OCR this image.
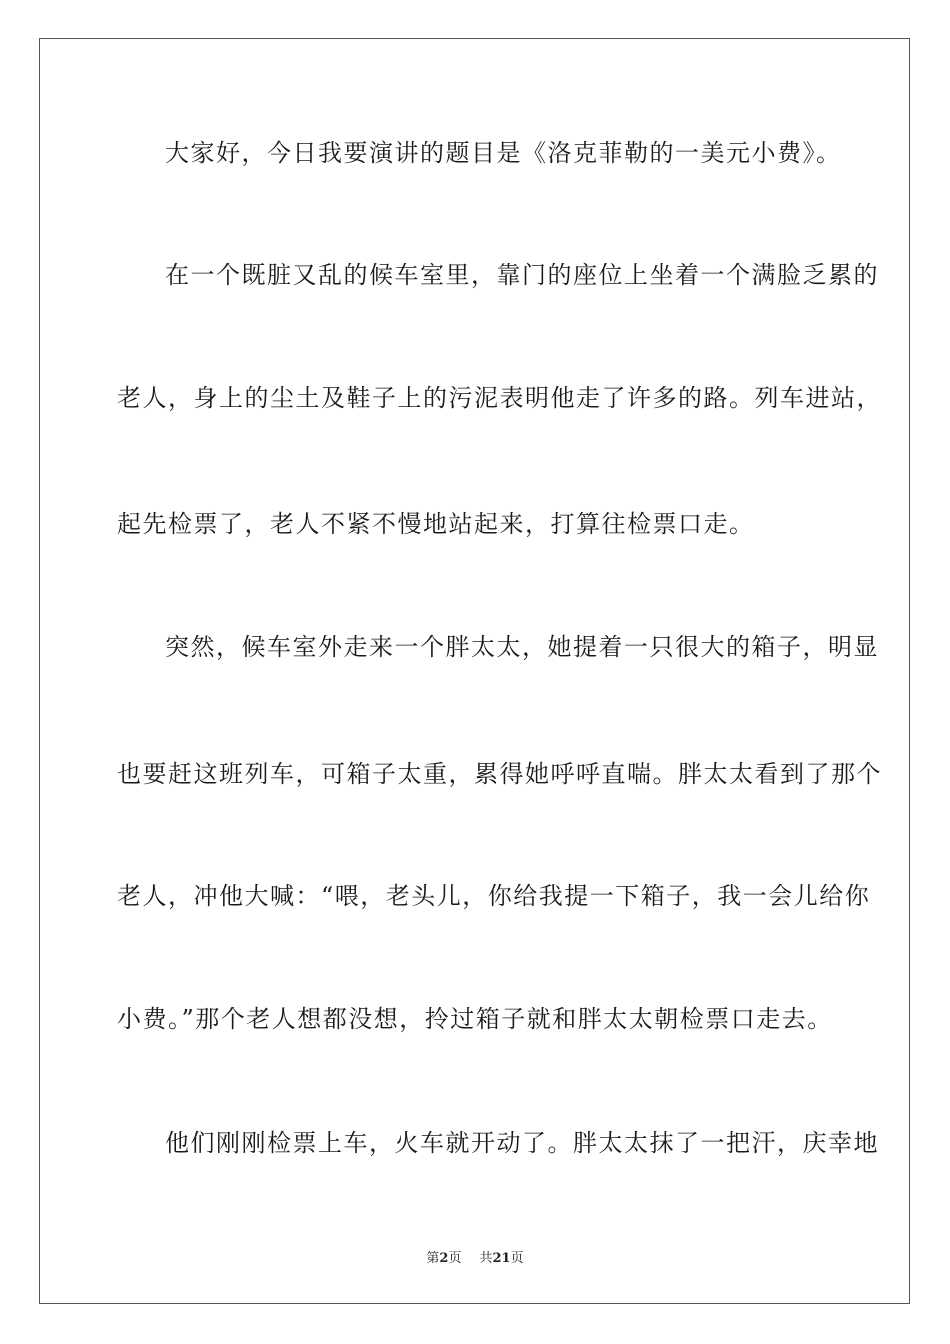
大家好，今日我要演讲的题目是《洛克菲勒的一美元小费》。
在一个既脏又乱的候车室里，靠门的座位上坐着一个满脸乏累的
老人，身上的尘土及鞋子上的污泥表明他走了许多的路。列车进站，
起先检票了，老人不紧不慢地站起来，打算往检票口走。
突然，候车室外走来一个胖太太，她提着一只很大的箱子，明显
也要赶这班列车，可箱子太重，累得她呼呼直喘。胖太太看到了那个
老人，冲他大喊：“喂，老头儿，你给我提一下箱子，我一会儿给你
小费。”那个老人想都没想，拎过箱子就和胖太太朝检票口走去。
他们刚刚检票上车，火车就开动了。胖太太抹了一把汗，庆幸地
第2页 共21页
